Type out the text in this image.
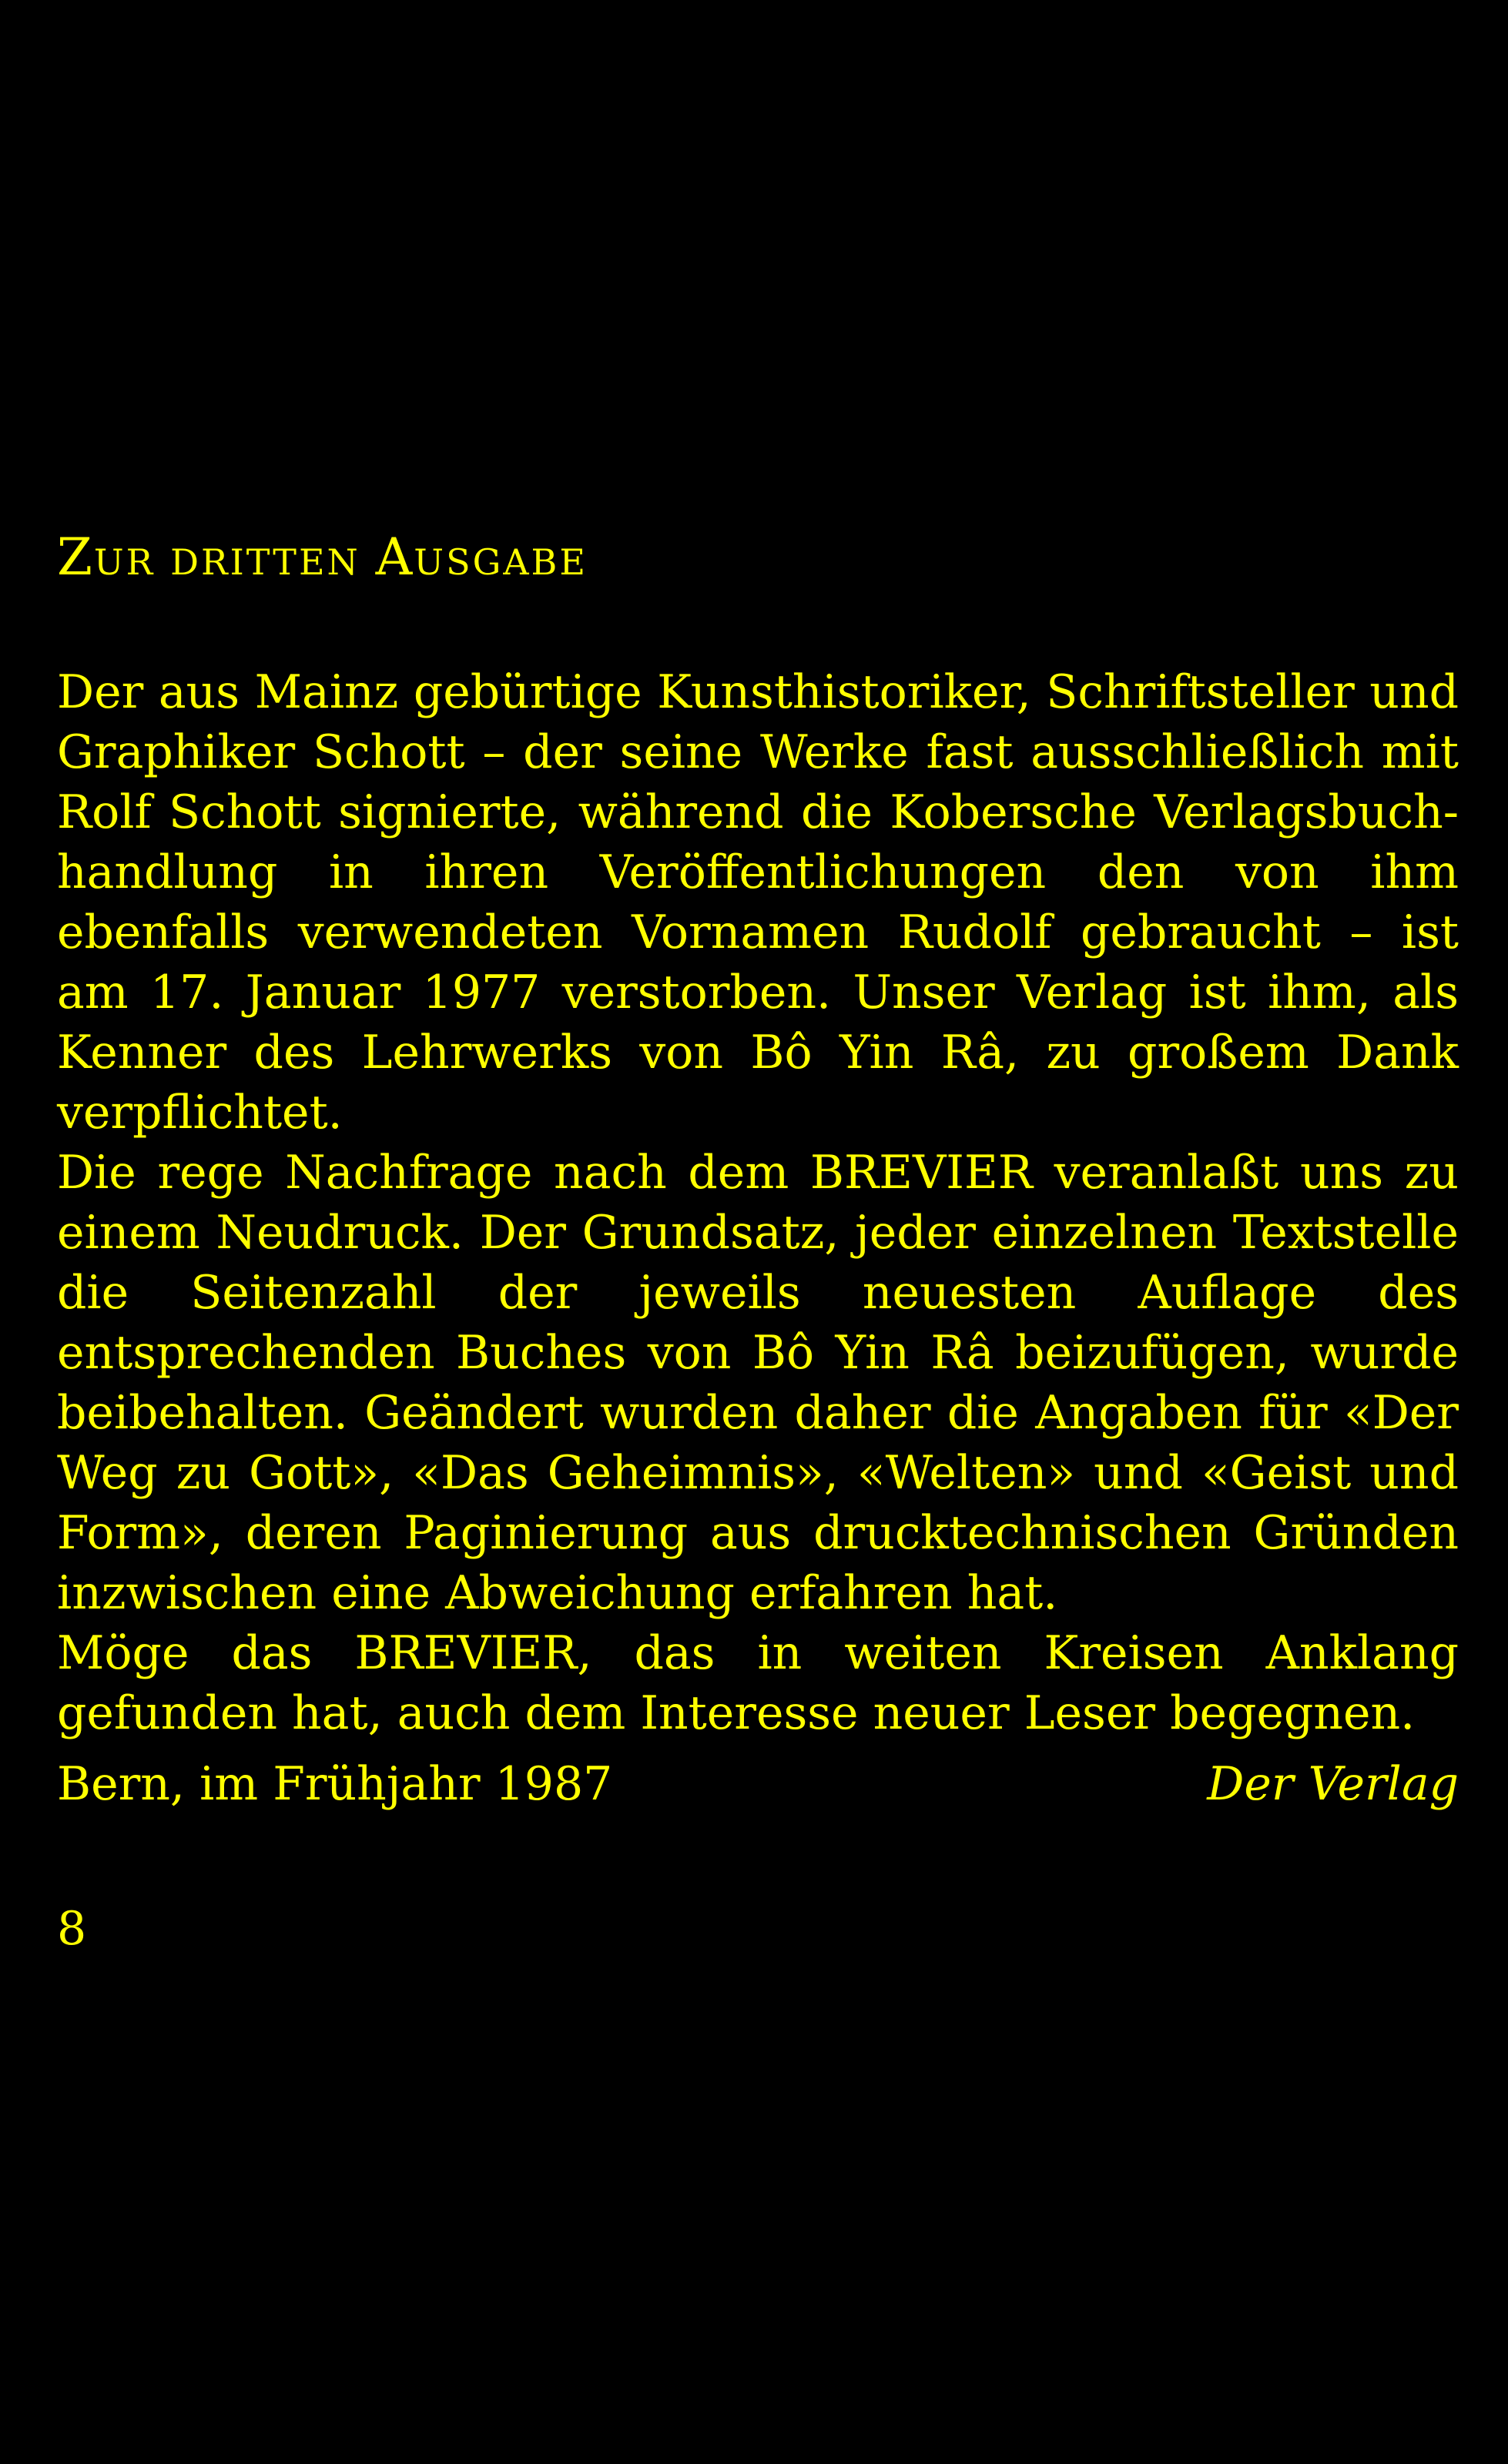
ZUR DRITTEN AUSGABE

Der aus Mainz gebürtige Kunsthistoriker, Schriftsteller und Graphiker Schott – der seine Werke fast ausschließlich mit Rolf Schott signierte, während die Kobersche Verlagsbuchhandlung in ihren Veröffentlichungen den von ihm ebenfalls verwendeten Vornamen Rudolf gebraucht – ist am 17. Januar 1977 verstorben. Unser Verlag ist ihm, als Kenner des Lehrwerks von Bô Yin Râ, zu großem Dank verpflichtet.

Die rege Nachfrage nach dem BREVIER veranlaßt uns zu einem Neudruck. Der Grundsatz, jeder einzelnen Textstelle die Seitenzahl der jeweils neuesten Auflage des entsprechenden Buches von Bô Yin Râ beizufügen, wurde beibehalten. Geändert wurden daher die Angaben für «Der Weg zu Gott», «Das Geheimnis», «Welten» und «Geist und Form», deren Paginierung aus drucktechnischen Gründen inzwischen eine Abweichung erfahren hat.

Möge das BREVIER, das in weiten Kreisen Anklang gefunden hat, auch dem Interesse neuer Leser begegnen.

Bern, im Frühjahr 1987	Der Verlag
8
